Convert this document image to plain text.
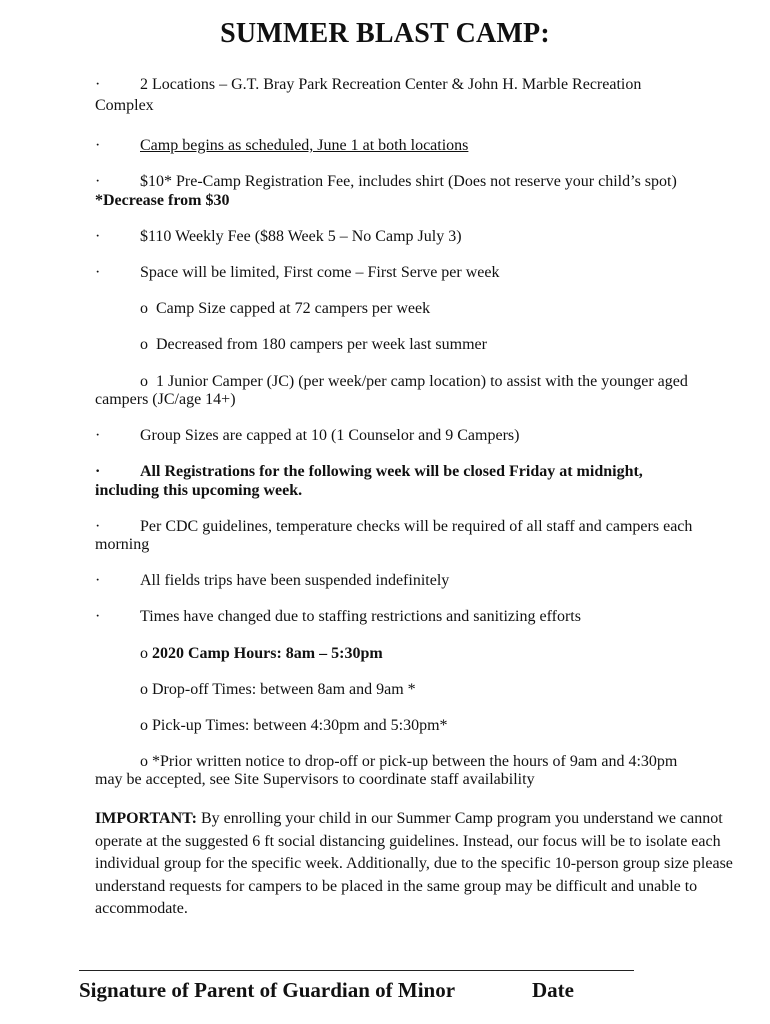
SUMMER BLAST CAMP:
· 2 Locations – G.T. Bray Park Recreation Center & John H. Marble Recreation
Complex
· Camp begins as scheduled, June 1 at both locations
· $10* Pre-Camp Registration Fee, includes shirt (Does not reserve your child’s spot)
*Decrease from $30
· $110 Weekly Fee ($88 Week 5 – No Camp July 3)
· Space will be limited, First come – First Serve per week
o Camp Size capped at 72 campers per week
o Decreased from 180 campers per week last summer
o 1 Junior Camper (JC) (per week/per camp location) to assist with the younger aged
campers (JC/age 14+)
· Group Sizes are capped at 10 (1 Counselor and 9 Campers)
· All Registrations for the following week will be closed Friday at midnight,
including this upcoming week.
· Per CDC guidelines, temperature checks will be required of all staff and campers each
morning
· All fields trips have been suspended indefinitely
· Times have changed due to staffing restrictions and sanitizing efforts
o 2020 Camp Hours: 8am – 5:30pm
o Drop-off Times: between 8am and 9am *
o Pick-up Times: between 4:30pm and 5:30pm*
o *Prior written notice to drop-off or pick-up between the hours of 9am and 4:30pm
may be accepted, see Site Supervisors to coordinate staff availability
IMPORTANT: By enrolling your child in our Summer Camp program you understand we cannot operate at the suggested 6 ft social distancing guidelines. Instead, our focus will be to isolate each individual group for the specific week. Additionally, due to the specific 10-person group size please understand requests for campers to be placed in the same group may be difficult and unable to accommodate.
Signature of Parent of Guardian of Minor	Date
